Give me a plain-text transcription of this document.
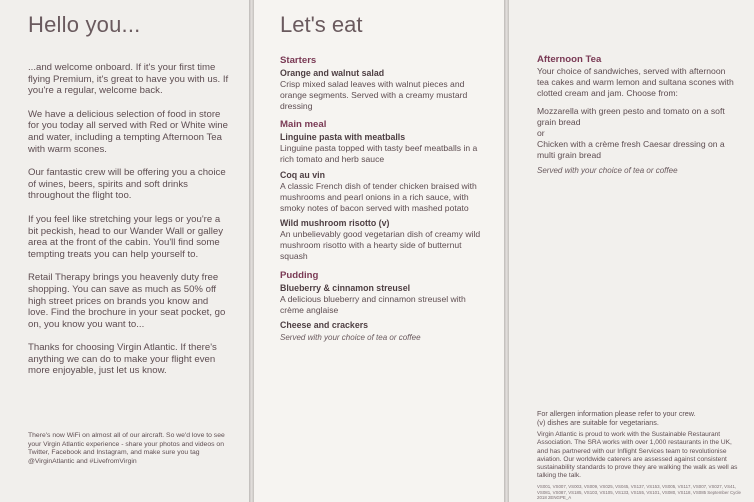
Hello you...

...and welcome onboard. If it's your first time flying Premium, it's great to have you with us. If you're a regular, welcome back.

We have a delicious selection of food in store for you today all served with Red or White wine and water, including a tempting Afternoon Tea with warm scones.

Our fantastic crew will be offering you a choice of wines, beers, spirits and soft drinks throughout the flight too.

If you feel like stretching your legs or you're a bit peckish, head to our Wander Wall or galley area at the front of the cabin. You'll find some tempting treats you can help yourself to.

Retail Therapy brings you heavenly duty free shopping. You can save as much as 50% off high street prices on brands you know and love. Find the brochure in your seat pocket, go on, you know you want to...

Thanks for choosing Virgin Atlantic. If there's anything we can do to make your flight even more enjoyable, just let us know.

There's now WiFi on almost all of our aircraft. So we'd love to see your Virgin Atlantic experience - share your photos and videos on Twitter, Facebook and Instagram, and make sure you tag @VirginAtlantic and #LivefromVirgin
Let's eat

Starters

Orange and walnut salad

Crisp mixed salad leaves with walnut pieces and orange segments. Served with a creamy mustard dressing

Main meal

Linguine pasta with meatballs

Linguine pasta topped with tasty beef meatballs in a rich tomato and herb sauce

Coq au vin

A classic French dish of tender chicken braised with mushrooms and pearl onions in a rich sauce, with smoky notes of bacon served with mashed potato

Wild mushroom risotto (v)

An unbelievably good vegetarian dish of creamy wild mushroom risotto with a hearty side of butternut squash

Pudding

Blueberry & cinnamon streusel

A delicious blueberry and cinnamon streusel with crème anglaise

Cheese and crackers

Served with your choice of tea or coffee

Afternoon Tea

Your choice of sandwiches, served with afternoon tea cakes and warm lemon and sultana scones with clotted cream and jam. Choose from:

Mozzarella with green pesto and tomato on a soft grain bread

or

Chicken with a crème fresh Caesar dressing on a multi grain bread

Served with your choice of tea or coffee

For allergen information please refer to your crew.

(v) dishes are suitable for vegetarians.

Virgin Atlantic is proud to work with the Sustainable Restaurant Association. The SRA works with over 1,000 restaurants in the UK, and has partnered with our Inflight Services team to revolutionise aviation. Our worldwide caterers are assessed against consistent sustainability standards to prove they are walking the walk as well as talking the talk.

VS001, VS007, VS003, VS009, VS025, VS045, VS137, VS153, VS005, VS117, VS007, VS027, VS41, VS081, VS087, VS185, VS103, VS105, VS133, VS155, VS101, VS080, VS118, VS085 September Cycle 2018 2ENGPE_A
